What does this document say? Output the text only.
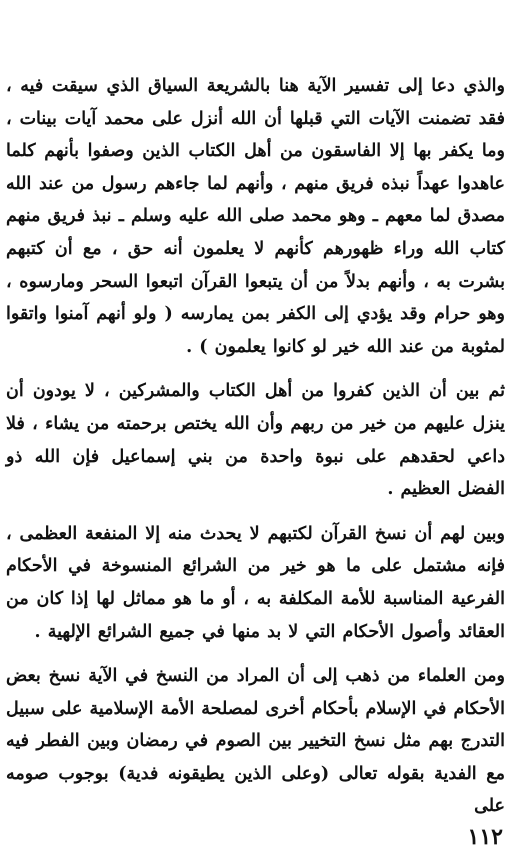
والذي دعا إلى تفسير الآية هنا بالشريعة السياق الذي سيقت فيه ، فقد تضمنت الآيات التي قبلها أن الله أنزل على محمد آيات بينات ، وما يكفر بها إلا الفاسقون من أهل الكتاب الذين وصفوا بأنهم كلما عاهدوا عهداً نبذه فريق منهم ، وأنهم لما جاءهم رسول من عند الله مصدق لما معهم ـ وهو محمد صلى الله عليه وسلم ـ نبذ فريق منهم كتاب الله وراء ظهورهم كأنهم لا يعلمون أنه حق ، مع أن كتبهم بشرت به ، وأنهم بدلاً من أن يتبعوا القرآن اتبعوا السحر ومارسوه ، وهو حرام وقد يؤدي إلى الكفر بمن يمارسه ( ولو أنهم آمنوا واتقوا لمثوبة من عند الله خير لو كانوا يعلمون ) .

ثم بين أن الذين كفروا من أهل الكتاب والمشركين ، لا يودون أن ينزل عليهم من خير من ربهم وأن الله يختص برحمته من يشاء ، فلا داعي لحقدهم على نبوة واحدة من بني إسماعيل فإن الله ذو الفضل العظيم .

وبين لهم أن نسخ القرآن لكتبهم لا يحدث منه إلا المنفعة العظمى ، فإنه مشتمل على ما هو خير من الشرائع المنسوخة في الأحكام الفرعية المناسبة للأمة المكلفة به ، أو ما هو مماثل لها إذا كان من العقائد وأصول الأحكام التي لا بد منها في جميع الشرائع الإلهية .

ومن العلماء من ذهب إلى أن المراد من النسخ في الآية نسخ بعض الأحكام في الإسلام بأحكام أخرى لمصلحة الأمة الإسلامية على سبيل التدرج بهم مثل نسخ التخيير بين الصوم في رمضان وبين الفطر فيه مع الفدية بقوله تعالى (وعلى الذين يطيقونه فدية) بوجوب صومه على

١١٢
